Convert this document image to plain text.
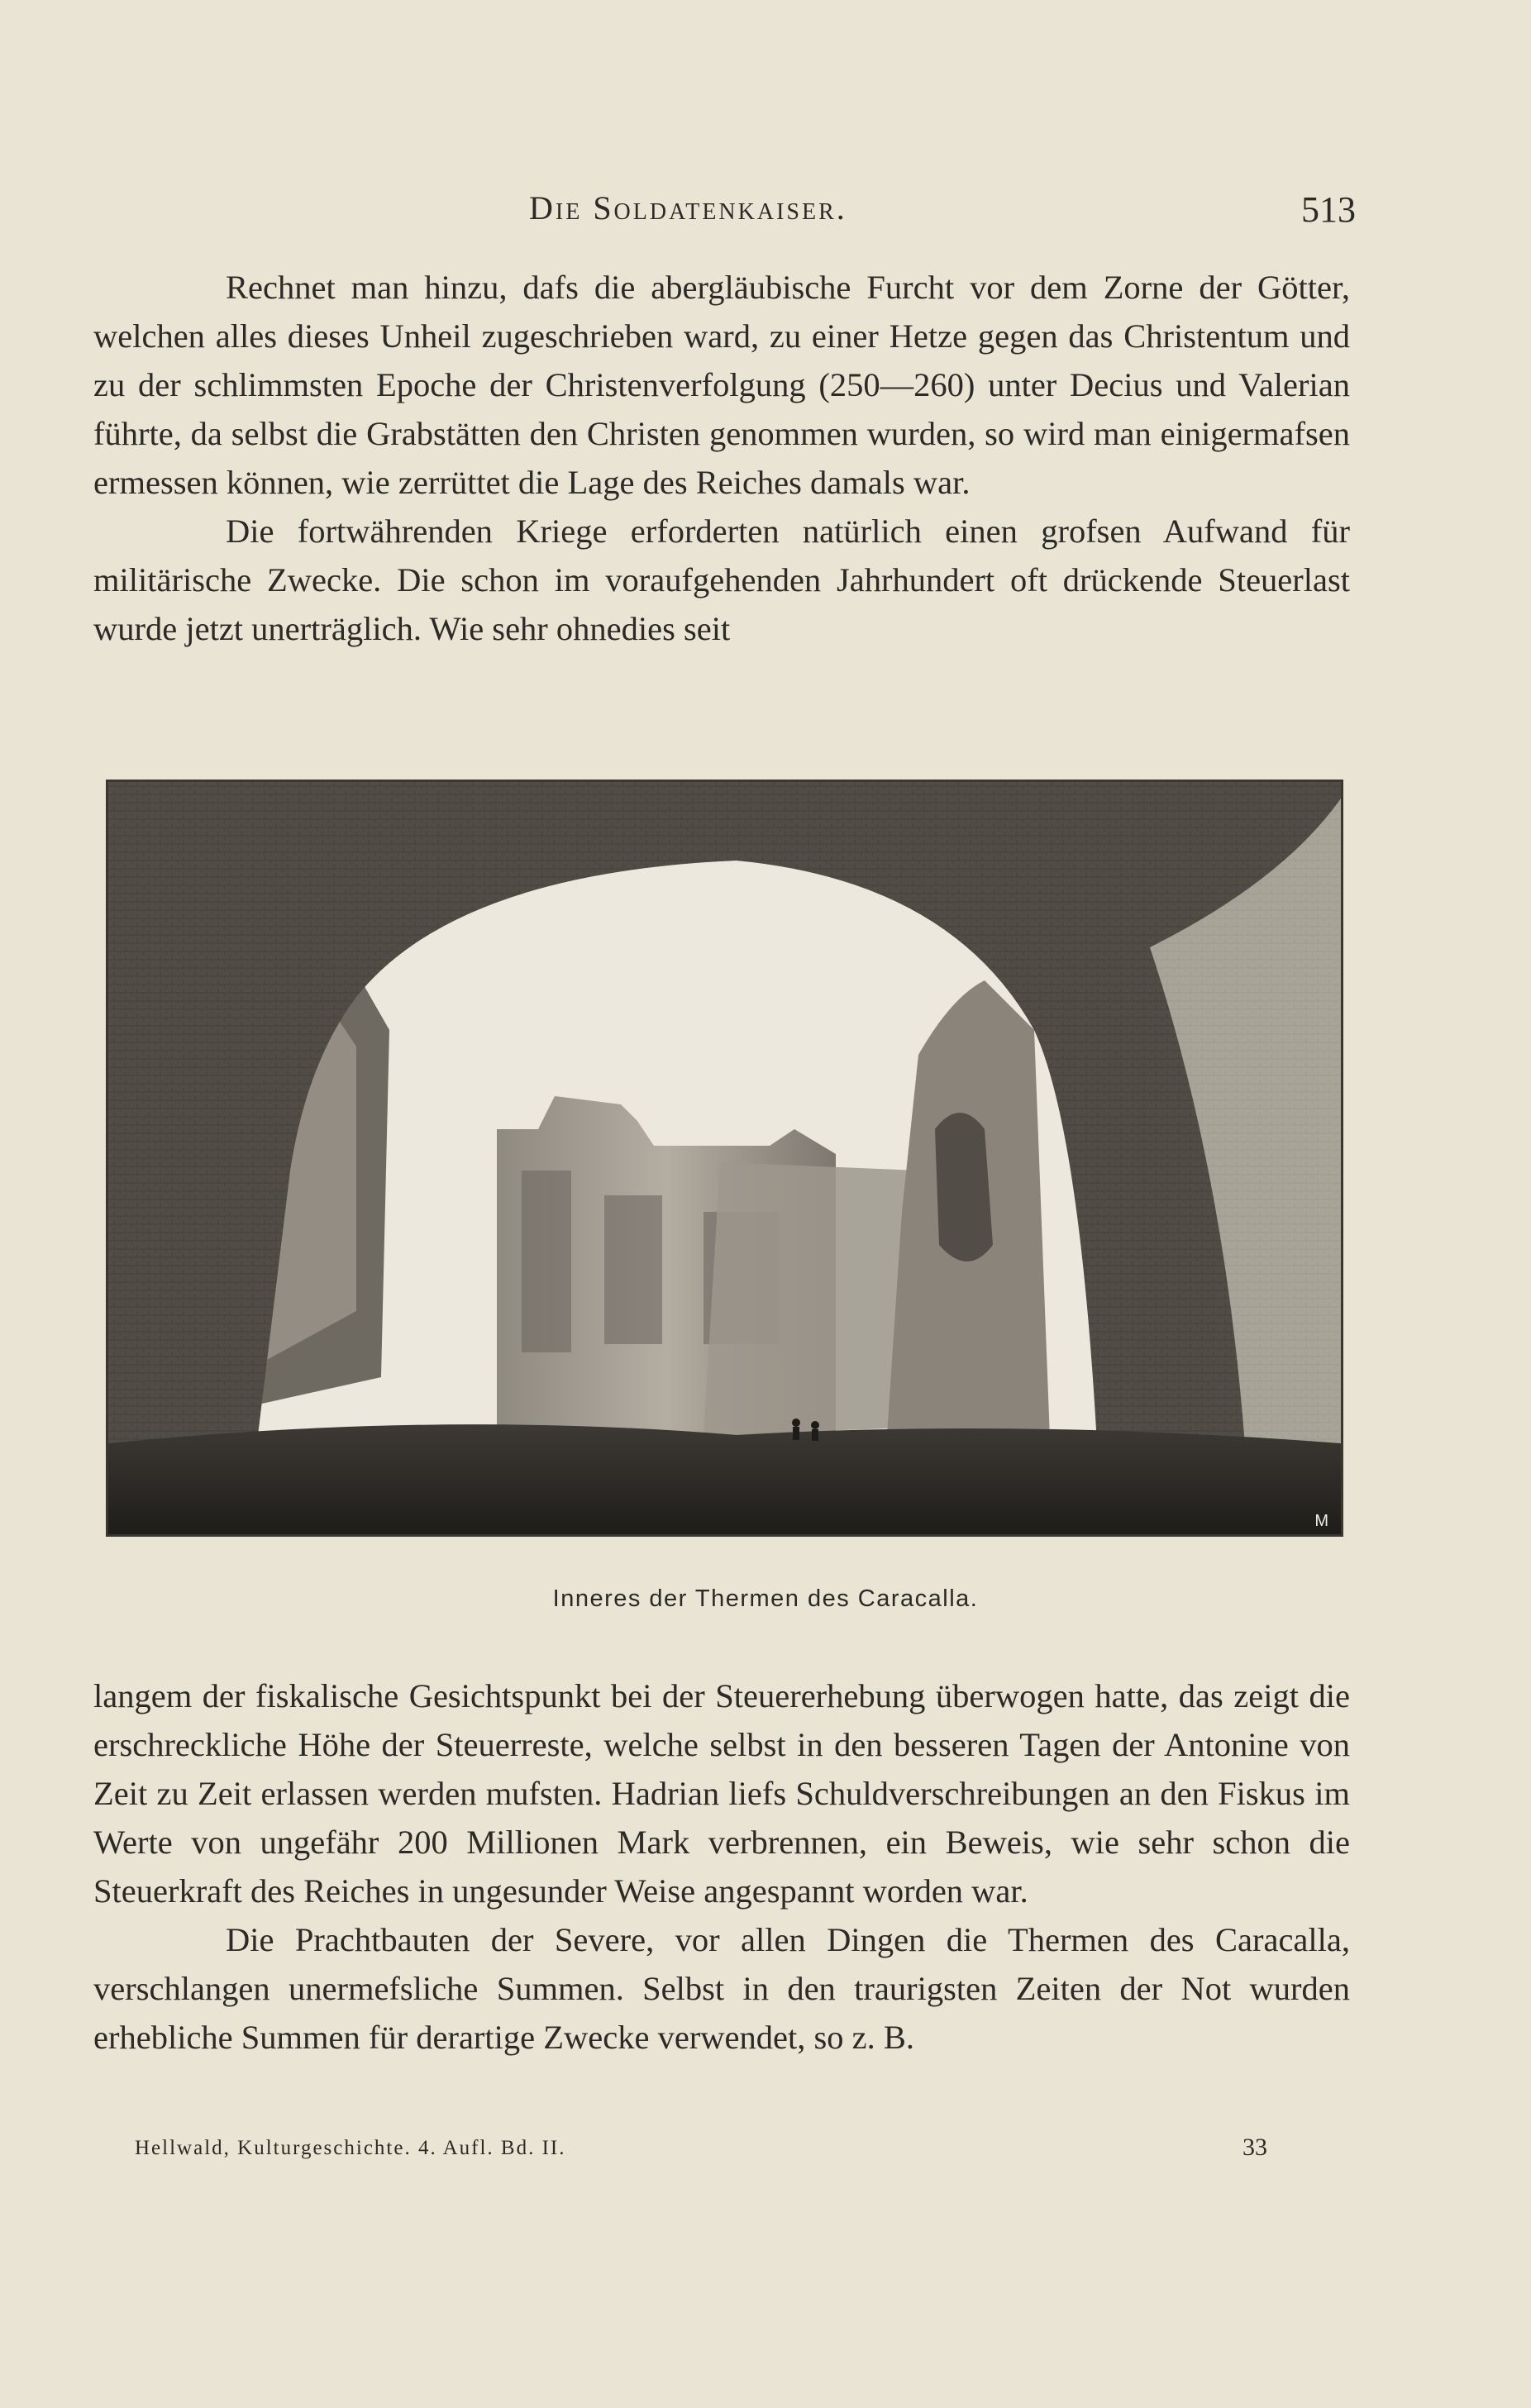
Die Soldatenkaiser.	513

Rechnet man hinzu, dafs die abergläubische Furcht vor dem Zorne der Götter, welchen alles dieses Unheil zugeschrieben ward, zu einer Hetze gegen das Christentum und zu der schlimmsten Epoche der Christenverfolgung (250—260) unter Decius und Valerian führte, da selbst die Grabstätten den Christen genommen wurden, so wird man einigermafsen ermessen können, wie zerrüttet die Lage des Reiches damals war.

Die fortwährenden Kriege erforderten natürlich einen grofsen Aufwand für militärische Zwecke. Die schon im voraufgehenden Jahrhundert oft drückende Steuerlast wurde jetzt unerträglich. Wie sehr ohnedies seit

M
Inneres der Thermen des Caracalla.

langem der fiskalische Gesichtspunkt bei der Steuererhebung überwogen hatte, das zeigt die erschreckliche Höhe der Steuerreste, welche selbst in den besseren Tagen der Antonine von Zeit zu Zeit erlassen werden mufsten. Hadrian liefs Schuldverschreibungen an den Fiskus im Werte von ungefähr 200 Millionen Mark verbrennen, ein Beweis, wie sehr schon die Steuerkraft des Reiches in ungesunder Weise angespannt worden war.

Die Prachtbauten der Severe, vor allen Dingen die Thermen des Caracalla, verschlangen unermefsliche Summen. Selbst in den traurigsten Zeiten der Not wurden erhebliche Summen für derartige Zwecke verwendet, so z. B.

Hellwald, Kulturgeschichte. 4. Aufl. Bd. II.	33
